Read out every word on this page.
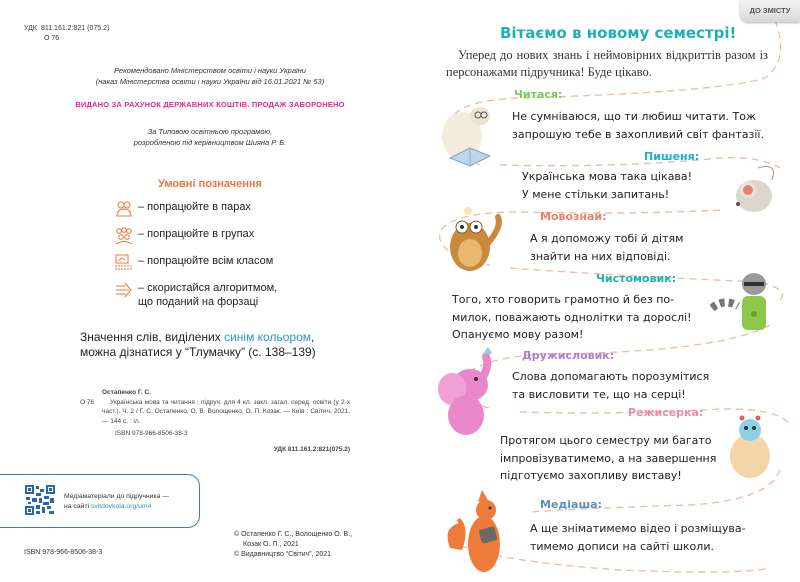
УДК 811.161.2:821 (075.2)
О 76
Рекомендовано Міністерством освіти і науки України
(наказ Міністерства освіти і науки України від 16.01.2021 № 53)
ВИДАНО ЗА РАХУНОК ДЕРЖАВНИХ КОШТІВ. ПРОДАЖ ЗАБОРОНЕНО
За Типовою освітньою програмою,
розробленою під керівництвом Шияна Р. Б.
Умовні позначення
– попрацюйте в парах
– попрацюйте в групах
– попрацюйте всім класом
– скористайся алгоритмом,
що поданий на форзаці
Значення слів, виділених синім кольором,
можна дізнатися у “Тлумачку” (с. 138–139)
Остапенко Г. С.
О 76	Українська мова та читання : підруч. для 4 кл. закл. загал. серед. освіти (у 2-х част.). Ч. 2 / Г. С. Остапенко, О. В. Волощенко, О. П. Козак. — Київ : Світич, 2021. — 144 с. : іл.
ISBN 978-966-8506-38-3
УДК 811.161.2:821(075.2)
Медіаматеріали до підручника —
на сайті svitdovkola.org/um4
ISBN 978-966-8506-38-3
© Остапенко Г. С., Волощенко О. В.,
Козак О. П., 2021
© Видавництво “Світич”, 2021
ДО ЗМІСТУ
Вітаємо в новому семестрі!
Уперед до нових знань і неймовірних відкриттів разом із персонажами підручника! Буде цікаво.
Читася:
Не сумніваюся, що ти любиш читати. Тож
запрошую тебе в захопливий світ фантазії.
Пишеня:
Українська мова така цікава!
У мене стільки запитань!
Мовознай:
А я допоможу тобі й дітям
знайти на них відповіді.
Чистомовик:
Того, хто говорить грамотно й без по-
милок, поважають однолітки та дорослі!
Опануємо мову разом!
Дружисловик:
Слова допомагають порозумітися
та висловити те, що на серці!
Режисерка:
Протягом цього семестру ми багато
імпровізуватимемо, а на завершення
підготуємо захопливу виставу!
Медіаша:
А ще зніматимемо відео і розміщува-
тимемо дописи на сайті школи.
